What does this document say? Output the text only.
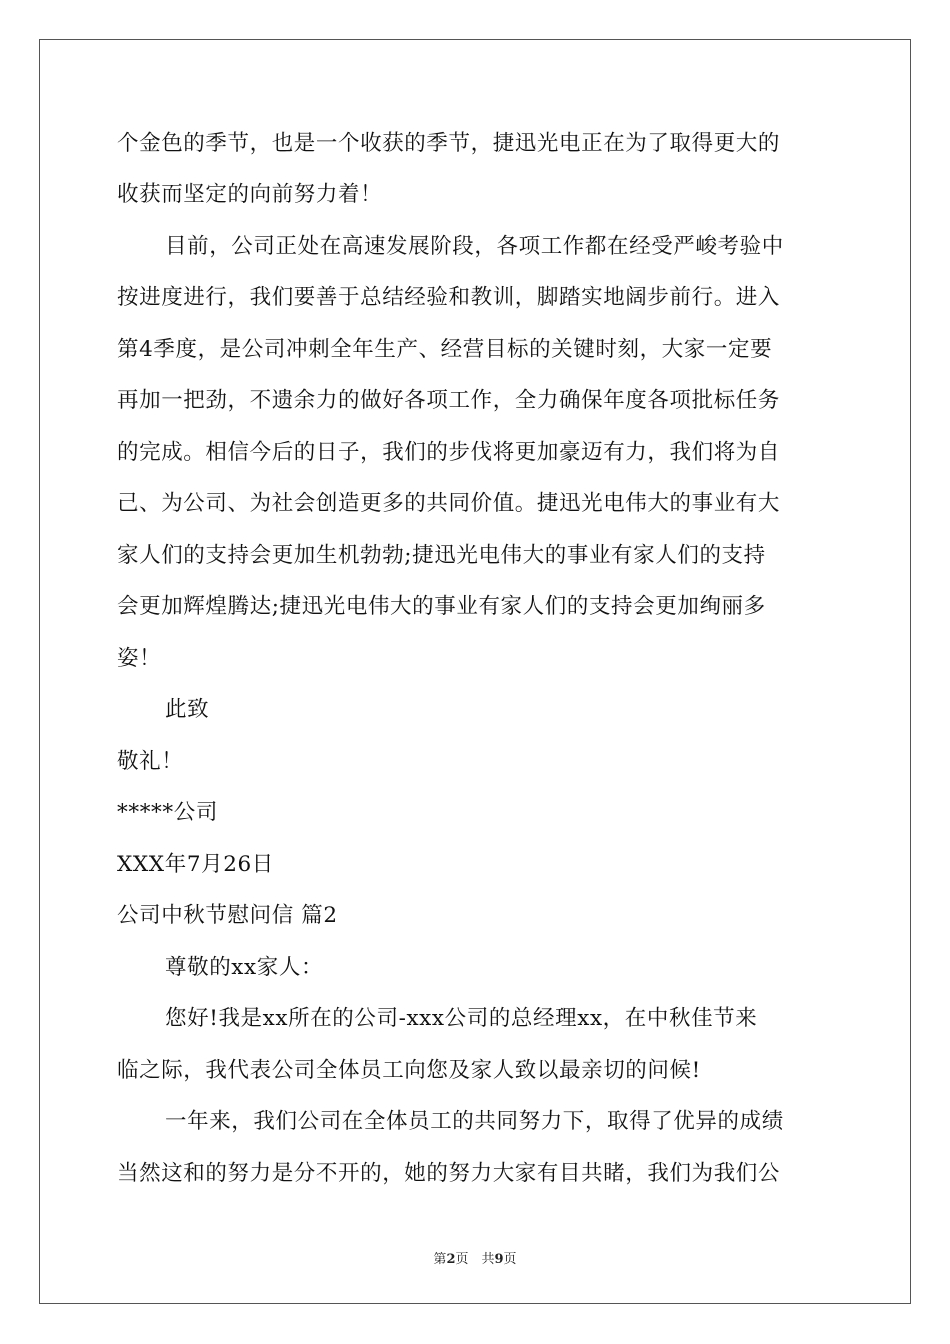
个金色的季节，也是一个收获的季节，捷迅光电正在为了取得更大的
收获而坚定的向前努力着！
目前，公司正处在高速发展阶段，各项工作都在经受严峻考验中
按进度进行，我们要善于总结经验和教训，脚踏实地阔步前行。进入
第4季度，是公司冲刺全年生产、经营目标的关键时刻，大家一定要
再加一把劲，不遗余力的做好各项工作，全力确保年度各项批标任务
的完成。相信今后的日子，我们的步伐将更加豪迈有力，我们将为自
己、为公司、为社会创造更多的共同价值。捷迅光电伟大的事业有大
家人们的支持会更加生机勃勃;捷迅光电伟大的事业有家人们的支持
会更加辉煌腾达;捷迅光电伟大的事业有家人们的支持会更加绚丽多
姿！
此致
敬礼！
*****公司
XXX年7月26日
公司中秋节慰问信 篇2
尊敬的xx家人：
您好!我是xx所在的公司-xxx公司的总经理xx，在中秋佳节来
临之际，我代表公司全体员工向您及家人致以最亲切的问候!
一年来，我们公司在全体员工的共同努力下，取得了优异的成绩
当然这和的努力是分不开的，她的努力大家有目共睹，我们为我们公
第2页　共9页
